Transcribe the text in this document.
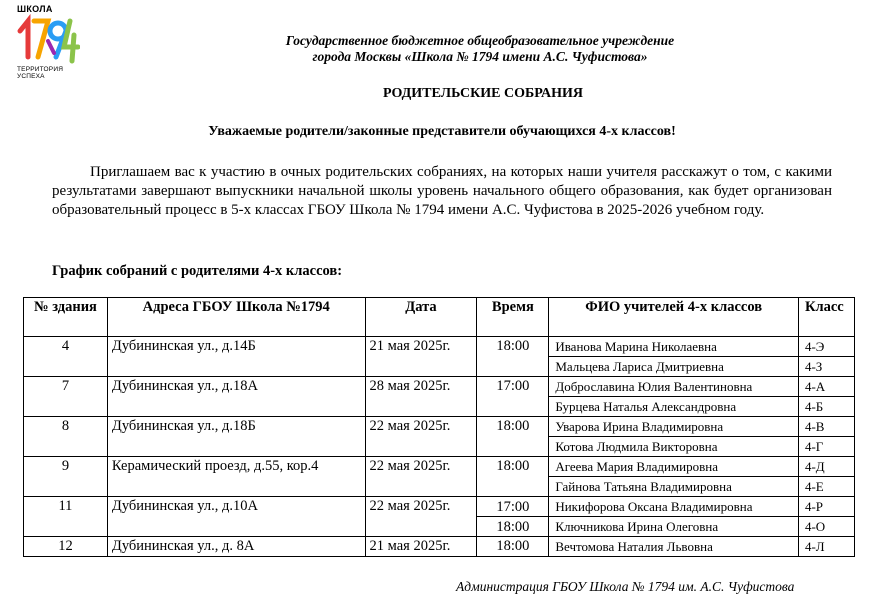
ШКОЛА
ТЕРРИТОРИЯ
УСПЕХА
Государственное бюджетное общеобразовательное учреждение
города Москвы «Школа № 1794 имени А.С. Чуфистова»
РОДИТЕЛЬСКИЕ СОБРАНИЯ
Уважаемые родители/законные представители обучающихся 4-х классов!
Приглашаем вас к участию в очных родительских собраниях, на которых наши учителя расскажут о том, с какими результатами завершают выпускники начальной школы уровень начального общего образования, как будет организован образовательный процесс в 5-х классах ГБОУ Школа № 1794 имени А.С. Чуфистова в 2025-2026 учебном году.
График собраний с родителями 4-х классов:
№ здания	Адреса ГБОУ Школа №1794	Дата	Время	ФИО учителей 4-х классов	Класс
4	Дубининская ул., д.14Б	21 мая 2025г.	18:00	Иванова Марина Николаевна	4-Э
				Мальцева Лариса Дмитриевна	4-З
7	Дубининская ул., д.18А	28 мая 2025г.	17:00	Доброславина Юлия Валентиновна	4-А
				Бурцева Наталья Александровна	4-Б
8	Дубининская ул., д.18Б	22 мая 2025г.	18:00	Уварова Ирина Владимировна	4-В
				Котова Людмила Викторовна	4-Г
9	Керамический проезд, д.55, кор.4	22 мая 2025г.	18:00	Агеева Мария Владимировна	4-Д
				Гайнова Татьяна Владимировна	4-Е
11	Дубининская ул., д.10А	22 мая 2025г.	17:00	Никифорова Оксана Владимировна	4-Р
			18:00	Ключникова Ирина Олеговна	4-О
12	Дубининская ул., д. 8А	21 мая 2025г.	18:00	Вечтомова Наталия Львовна	4-Л
Администрация ГБОУ Школа № 1794 им. А.С. Чуфистова
